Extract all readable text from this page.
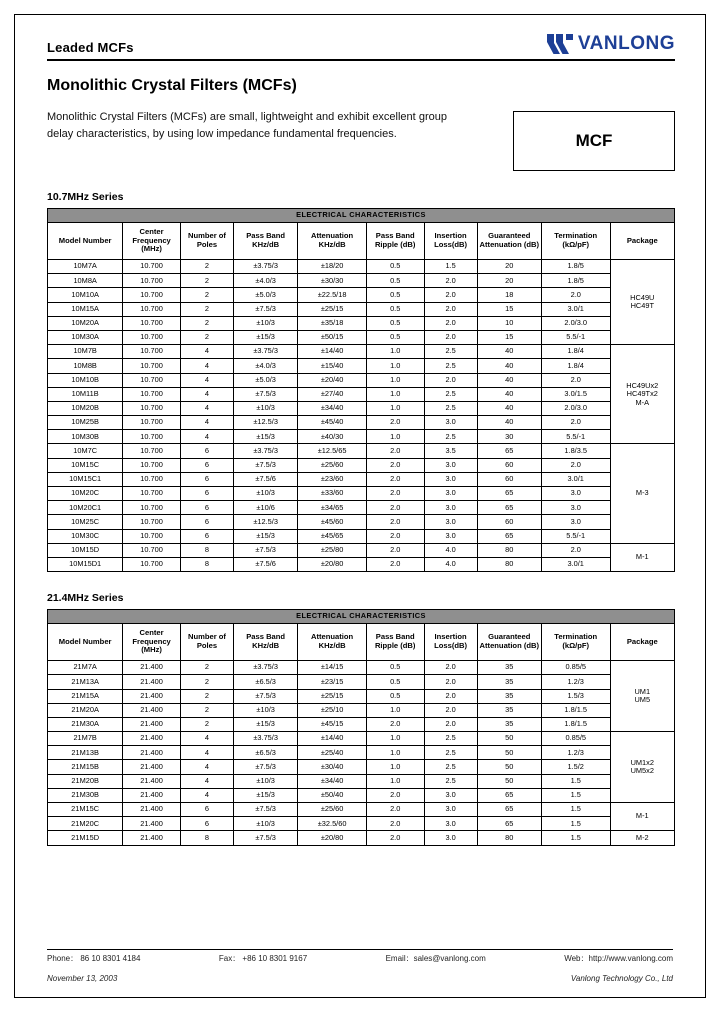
Leaded MCFs	VANLONG
Monolithic Crystal Filters (MCFs)
Monolithic Crystal Filters (MCFs) are small, lightweight and exhibit excellent group delay characteristics, by using low impedance fundamental frequencies.	MCF
10.7MHz Series
ELECTRICAL CHARACTERISTICS									
Model Number	Center Frequency (MHz)	Number of Poles	Pass Band KHz/dB	Attenuation KHz/dB	Pass Band Ripple (dB)	Insertion Loss(dB)	Guaranteed Attenuation (dB)	Termination (kΩ/pF)	Package
10M7A	10.700	2	±3.75/3	±18/20	0.5	1.5	20	1.8/5	HC49U
HC49T
10M8A	10.700	2	±4.0/3	±30/30	0.5	2.0	20	1.8/5	
10M10A	10.700	2	±5.0/3	±22.5/18	0.5	2.0	18	2.0	
10M15A	10.700	2	±7.5/3	±25/15	0.5	2.0	15	3.0/1	
10M20A	10.700	2	±10/3	±35/18	0.5	2.0	10	2.0/3.0	
10M30A	10.700	2	±15/3	±50/15	0.5	2.0	15	5.5/-1	
10M7B	10.700	4	±3.75/3	±14/40	1.0	2.5	40	1.8/4	HC49Ux2
HC49Tx2
M-A
10M8B	10.700	4	±4.0/3	±15/40	1.0	2.5	40	1.8/4	
10M10B	10.700	4	±5.0/3	±20/40	1.0	2.0	40	2.0	
10M11B	10.700	4	±7.5/3	±27/40	1.0	2.5	40	3.0/1.5	
10M20B	10.700	4	±10/3	±34/40	1.0	2.5	40	2.0/3.0	
10M25B	10.700	4	±12.5/3	±45/40	2.0	3.0	40	2.0	
10M30B	10.700	4	±15/3	±40/30	1.0	2.5	30	5.5/-1	
10M7C	10.700	6	±3.75/3	±12.5/65	2.0	3.5	65	1.8/3.5	M-3
10M15C	10.700	6	±7.5/3	±25/60	2.0	3.0	60	2.0	
10M15C1	10.700	6	±7.5/6	±23/60	2.0	3.0	60	3.0/1	
10M20C	10.700	6	±10/3	±33/60	2.0	3.0	65	3.0	
10M20C1	10.700	6	±10/6	±34/65	2.0	3.0	65	3.0	
10M25C	10.700	6	±12.5/3	±45/60	2.0	3.0	60	3.0	
10M30C	10.700	6	±15/3	±45/65	2.0	3.0	65	5.5/-1	
10M15D	10.700	8	±7.5/3	±25/80	2.0	4.0	80	2.0	M-1
10M15D1	10.700	8	±7.5/6	±20/80	2.0	4.0	80	3.0/1	
21.4MHz Series
ELECTRICAL CHARACTERISTICS									
Model Number	Center Frequency (MHz)	Number of Poles	Pass Band KHz/dB	Attenuation KHz/dB	Pass Band Ripple (dB)	Insertion Loss(dB)	Guaranteed Attenuation (dB)	Termination (kΩ/pF)	Package
21M7A	21.400	2	±3.75/3	±14/15	0.5	2.0	35	0.85/5	UM1
UM5
21M13A	21.400	2	±6.5/3	±23/15	0.5	2.0	35	1.2/3	
21M15A	21.400	2	±7.5/3	±25/15	0.5	2.0	35	1.5/3	
21M20A	21.400	2	±10/3	±25/10	1.0	2.0	35	1.8/1.5	
21M30A	21.400	2	±15/3	±45/15	2.0	2.0	35	1.8/1.5	
21M7B	21.400	4	±3.75/3	±14/40	1.0	2.5	50	0.85/5	UM1x2
UM5x2
21M13B	21.400	4	±6.5/3	±25/40	1.0	2.5	50	1.2/3	
21M15B	21.400	4	±7.5/3	±30/40	1.0	2.5	50	1.5/2	
21M20B	21.400	4	±10/3	±34/40	1.0	2.5	50	1.5	
21M30B	21.400	4	±15/3	±50/40	2.0	3.0	65	1.5	
21M15C	21.400	6	±7.5/3	±25/60	2.0	3.0	65	1.5	M-1
21M20C	21.400	6	±10/3	±32.5/60	2.0	3.0	65	1.5	
21M15D	21.400	8	±7.5/3	±20/80	2.0	3.0	80	1.5	M-2
Phone： 86 10 8301 4184	Fax： +86 10 8301 9167	Email：sales@vanlong.com	Web：http://www.vanlong.com
November 13, 2003	Vanlong Technology Co., Ltd
